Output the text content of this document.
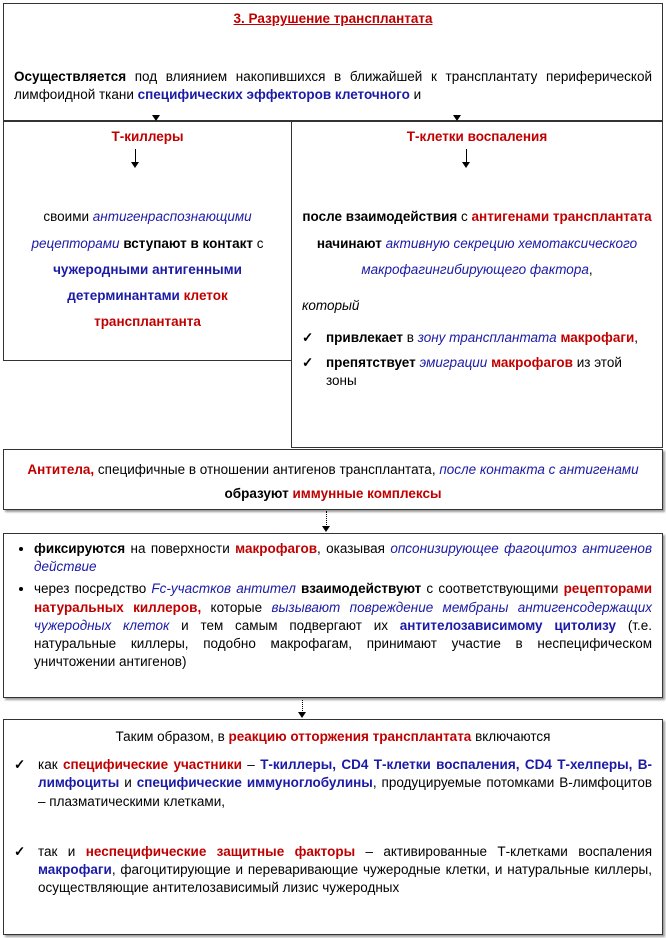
3. Разрушение трансплантата
Осуществляется под влиянием накопившихся в ближайшей к трансплантату периферической лимфоидной ткани специфических эффекторов клеточного и
Т-киллеры
своими антигенраспознающими рецепторами вступают в контакт с чужеродными антигенными детерминантами клеток трансплантанта
Т-клетки воспаления
после взаимодействия с антигенами трансплантата начинают активную секрецию хемотаксического макрофагингибирующего фактора,
который
✓ привлекает в зону трансплантата макрофаги,
✓ препятствует эмиграции макрофагов из этой зоны
Антитела, специфичные в отношении антигенов трансплантата, после контакта с антигенами образуют иммунные комплексы
• фиксируются на поверхности макрофагов, оказывая опсонизирующее фагоцитоз антигенов действие
• через посредство Fc-участков антител взаимодействуют с соответствующими рецепторами натуральных киллеров, которые вызывают повреждение мембраны антигенсодержащих чужеродных клеток и тем самым подвергают их антителозависимому цитолизу (т.е. натуральные киллеры, подобно макрофагам, принимают участие в неспецифическом уничтожении антигенов)
Таким образом, в реакцию отторжения трансплантата включаются
✓ как специфические участники – Т-киллеры, CD4 Т-клетки воспаления, CD4 Т-хелперы, В-лимфоциты и специфические иммуноглобулины, продуцируемые потомками В-лимфоцитов – плазматическими клетками,
✓ так и неспецифические защитные факторы – активированные Т-клетками воспаления макрофаги, фагоцитирующие и переваривающие чужеродные клетки, и натуральные киллеры, осуществляющие антителозависимый лизис чужеродных
